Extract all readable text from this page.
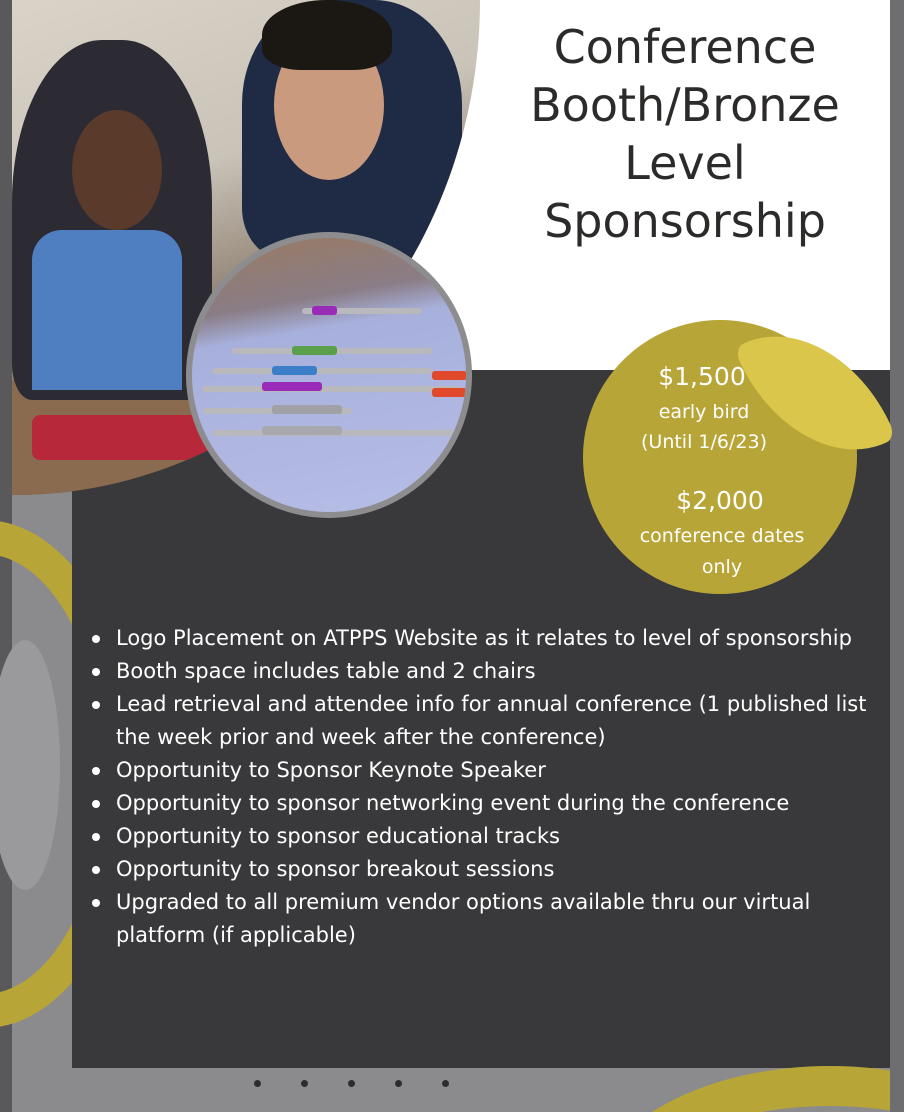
Conference
Booth/Bronze
Level
Sponsorship
$1,500
early bird
(Until 1/6/23)
$2,000
conference dates
only
Logo Placement on ATPPS Website as it relates to level of sponsorship
Booth space includes table and 2 chairs
Lead retrieval and attendee info for annual conference (1 published list the week prior and week after the conference)
Opportunity to Sponsor Keynote Speaker
Opportunity to sponsor networking event during the conference
Opportunity to sponsor educational tracks
Opportunity to sponsor breakout sessions
Upgraded to all premium vendor options available thru our virtual platform (if applicable)
